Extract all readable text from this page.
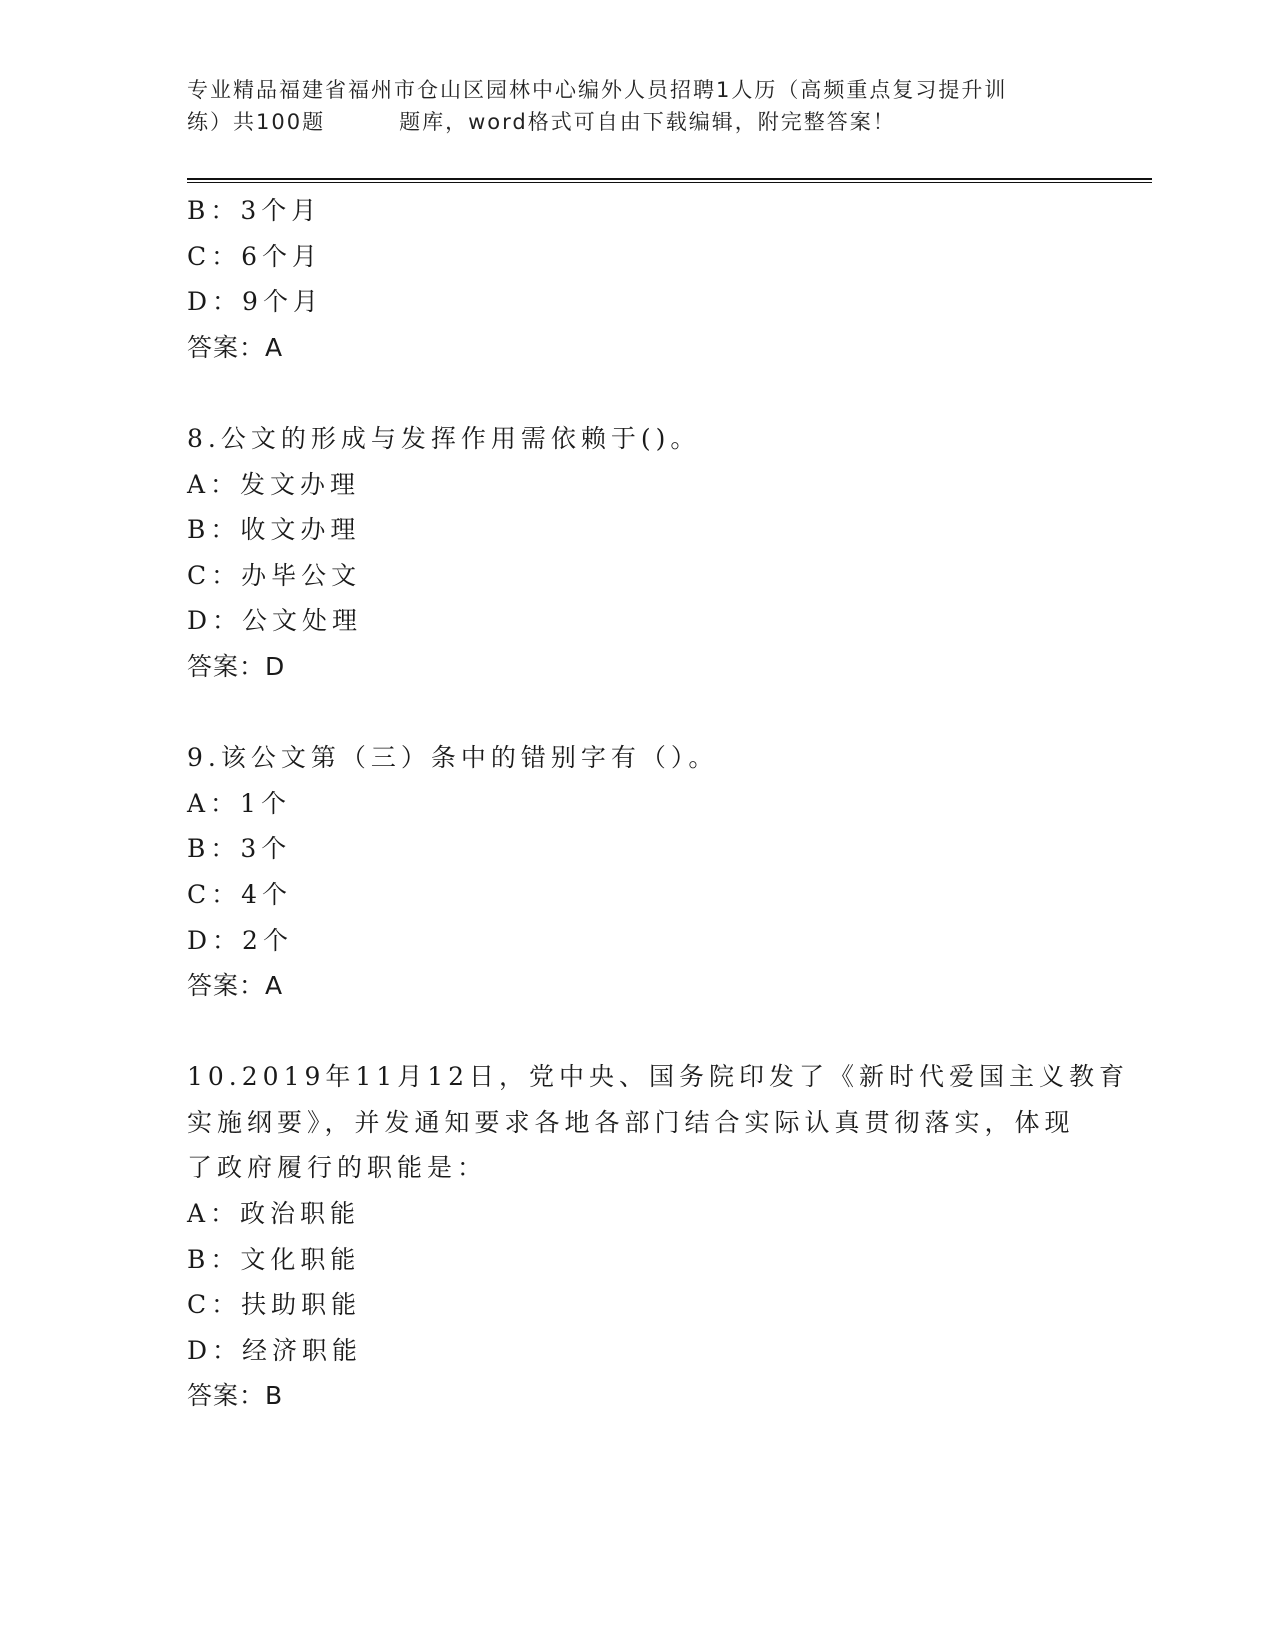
专业精品福建省福州市仓山区园林中心编外人员招聘1人历（高频重点复习提升训
练）共100题	题库，word格式可自由下载编辑，附完整答案！
B：3个月
C：6个月
D：9个月
答案：A
8.公文的形成与发挥作用需依赖于()。
A：发文办理
B：收文办理
C：办毕公文
D：公文处理
答案：D
9.该公文第（三）条中的错别字有（）。
A：1个
B：3个
C：4个
D：2个
答案：A
10.2019年11月12日，党中央、国务院印发了《新时代爱国主义教育
实施纲要》，并发通知要求各地各部门结合实际认真贯彻落实，体现
了政府履行的职能是：
A：政治职能
B：文化职能
C：扶助职能
D：经济职能
答案：B
